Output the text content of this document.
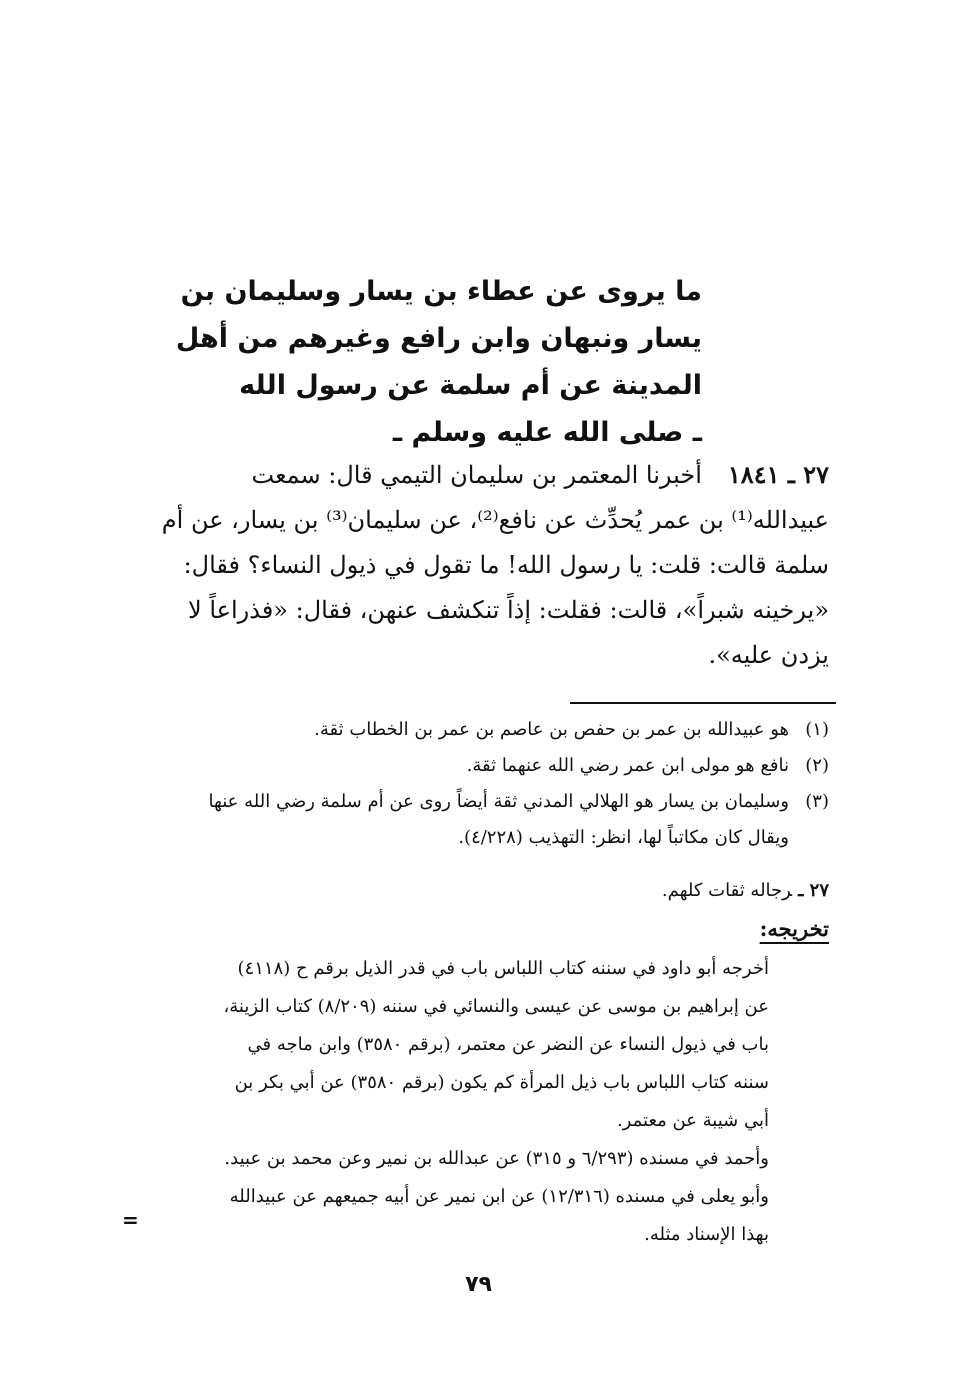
ما يروى عن عطاء بن يسار وسليمان بن
يسار ونبهان وابن رافع وغيرهم من أهل
المدينة عن أم سلمة عن رسول الله
ـ صلى الله عليه وسلم ـ
٢٧ ـ ١٨٤١أخبرنا المعتمر بن سليمان التيمي قال: سمعت
عبيدالله⁽¹⁾ بن عمر يُحدِّث عن نافع⁽²⁾، عن سليمان⁽³⁾ بن يسار، عن أم
سلمة قالت: قلت: يا رسول الله! ما تقول في ذيول النساء؟ فقال:
«يرخينه شبراً»، قالت: فقلت: إذاً تنكشف عنهن، فقال: «فذراعاً لا
يزدن عليه».
(١)
هو عبيدالله بن عمر بن حفص بن عاصم بن عمر بن الخطاب ثقة.
(٢)
نافع هو مولى ابن عمر رضي الله عنهما ثقة.
(٣)
وسليمان بن يسار هو الهلالي المدني ثقة أيضاً روى عن أم سلمة رضي الله عنها
ويقال كان مكاتباً لها، انظر: التهذيب (٤/٢٢٨).
٢٧ ـرجاله ثقات كلهم.
تخريجه:
أخرجه أبو داود في سننه كتاب اللباس باب في قدر الذيل برقم ح (٤١١٨)
عن إبراهيم بن موسى عن عيسى والنسائي في سننه (٨/٢٠٩) كتاب الزينة،
باب في ذيول النساء عن النضر عن معتمر، (برقم ٣٥٨٠) وابن ماجه في
سننه كتاب اللباس باب ذيل المرأة كم يكون (برقم ٣٥٨٠) عن أبي بكر بن
أبي شيبة عن معتمر.
وأحمد في مسنده (٦/٢٩٣ و ٣١٥) عن عبدالله بن نمير وعن محمد بن عبيد.
وأبو يعلى في مسنده (١٢/٣١٦) عن ابن نمير عن أبيه جميعهم عن عبيدالله
بهذا الإسناد مثله.
=
٧٩
